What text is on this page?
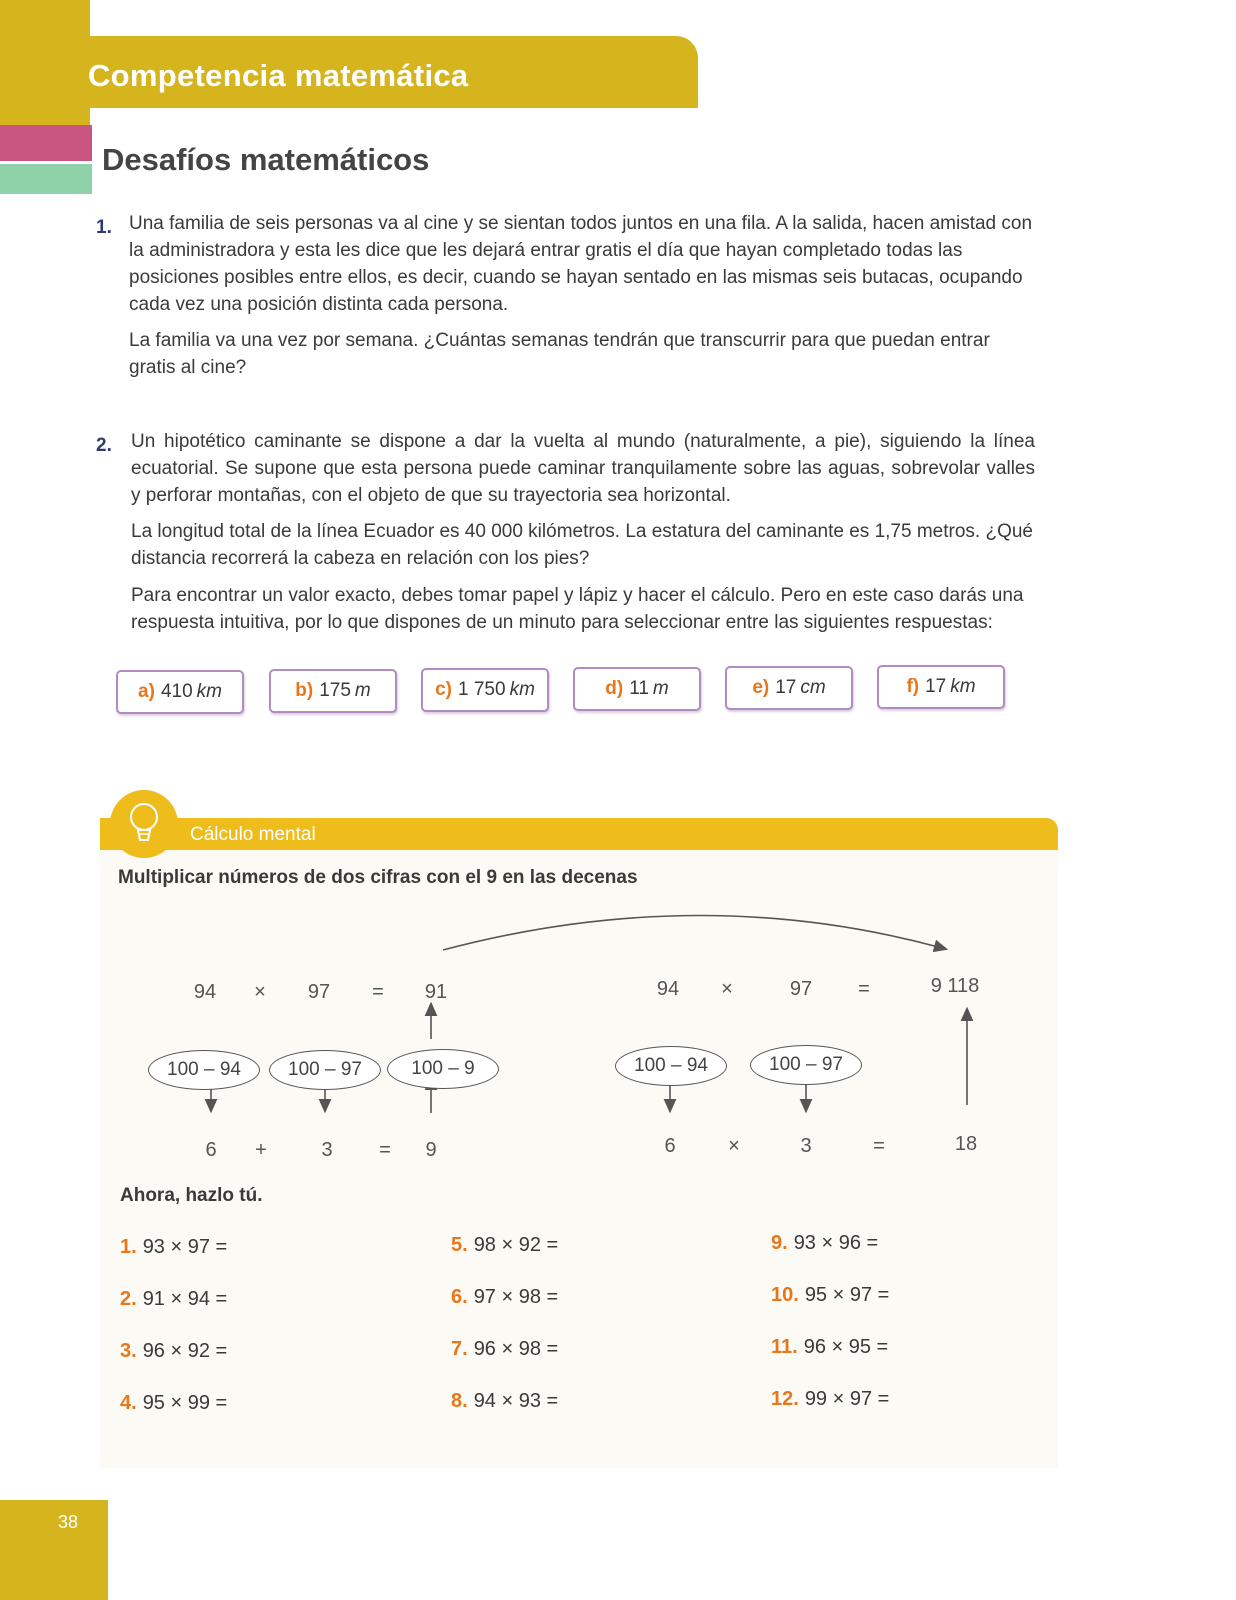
Competencia matemática
Desafíos matemáticos
1. Una familia de seis personas va al cine y se sientan todos juntos en una fila. A la salida, hacen amistad con la administradora y esta les dice que les dejará entrar gratis el día que hayan completado todas las posiciones posibles entre ellos, es decir, cuando se hayan sentado en las mismas seis butacas, ocupando cada vez una posición distinta cada persona.
La familia va una vez por semana. ¿Cuántas semanas tendrán que transcurrir para que puedan entrar gratis al cine?
2. Un hipotético caminante se dispone a dar la vuelta al mundo (naturalmente, a pie), siguiendo la línea ecuatorial. Se supone que esta persona puede caminar tranquilamente sobre las aguas, sobrevolar valles y perforar montañas, con el objeto de que su trayectoria sea horizontal.
La longitud total de la línea Ecuador es 40 000 kilómetros. La estatura del caminante es 1,75 metros. ¿Qué distancia recorrerá la cabeza en relación con los pies?
Para encontrar un valor exacto, debes tomar papel y lápiz y hacer el cálculo. Pero en este caso darás una respuesta intuitiva, por lo que dispones de un minuto para seleccionar entre las siguientes respuestas:
a) 410 km	b) 175 m	c) 1 750 km	d) 11 m	e) 17 cm	f) 17 km
Cálculo mental
Multiplicar números de dos cifras con el 9 en las decenas
94 × 97 = 91
100 – 94	100 – 97	100 – 9
6 +	3 = 9
94 ×	97 =	9 118
100 – 94	100 – 97
6	×	3	=	18
Ahora, hazlo tú.
1. 93 × 97 =
2. 91 × 94 =
3. 96 × 92 =
4. 95 × 99 =
5. 98 × 92 =
6. 97 × 98 =
7. 96 × 98 =
8. 94 × 93 =
9. 93 × 96 =
10. 95 × 97 =
11. 96 × 95 =
12. 99 × 97 =
38
